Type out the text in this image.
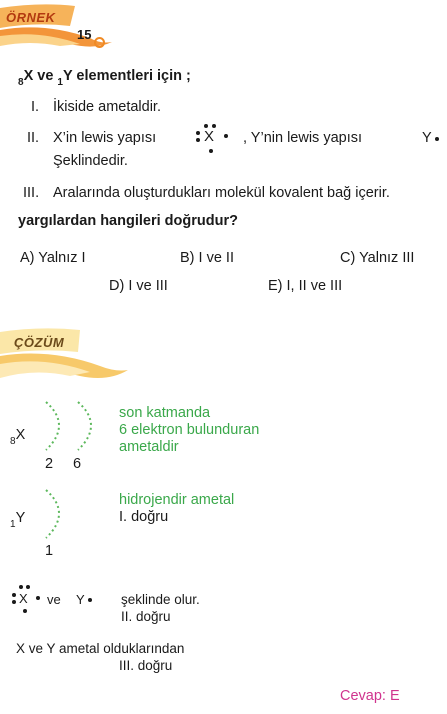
ÖRNEK
15
$_8$X ve $_1$Y elementleri için ;
I. İkiside ametaldir.
II. X’in lewis yapısı	X , Y’nin lewis yapısı	Y
Şeklindedir.
III. Aralarında oluşturdukları molekül kovalent bağ içerir.
yargılardan hangileri doğrudur?
A) Yalnız I	B) I ve II	C) Yalnız III
D) I ve III	E) I, II ve III
ÇÖZÜM
$_8$X
2 6
son katmanda
6 elektron bulunduran
ametaldir
$_1$Y
1
hidrojendir ametal
I. doğru
X ve Y	şeklinde olur.
II. doğru
X ve Y ametal olduklarından
III. doğru
Cevap: E
